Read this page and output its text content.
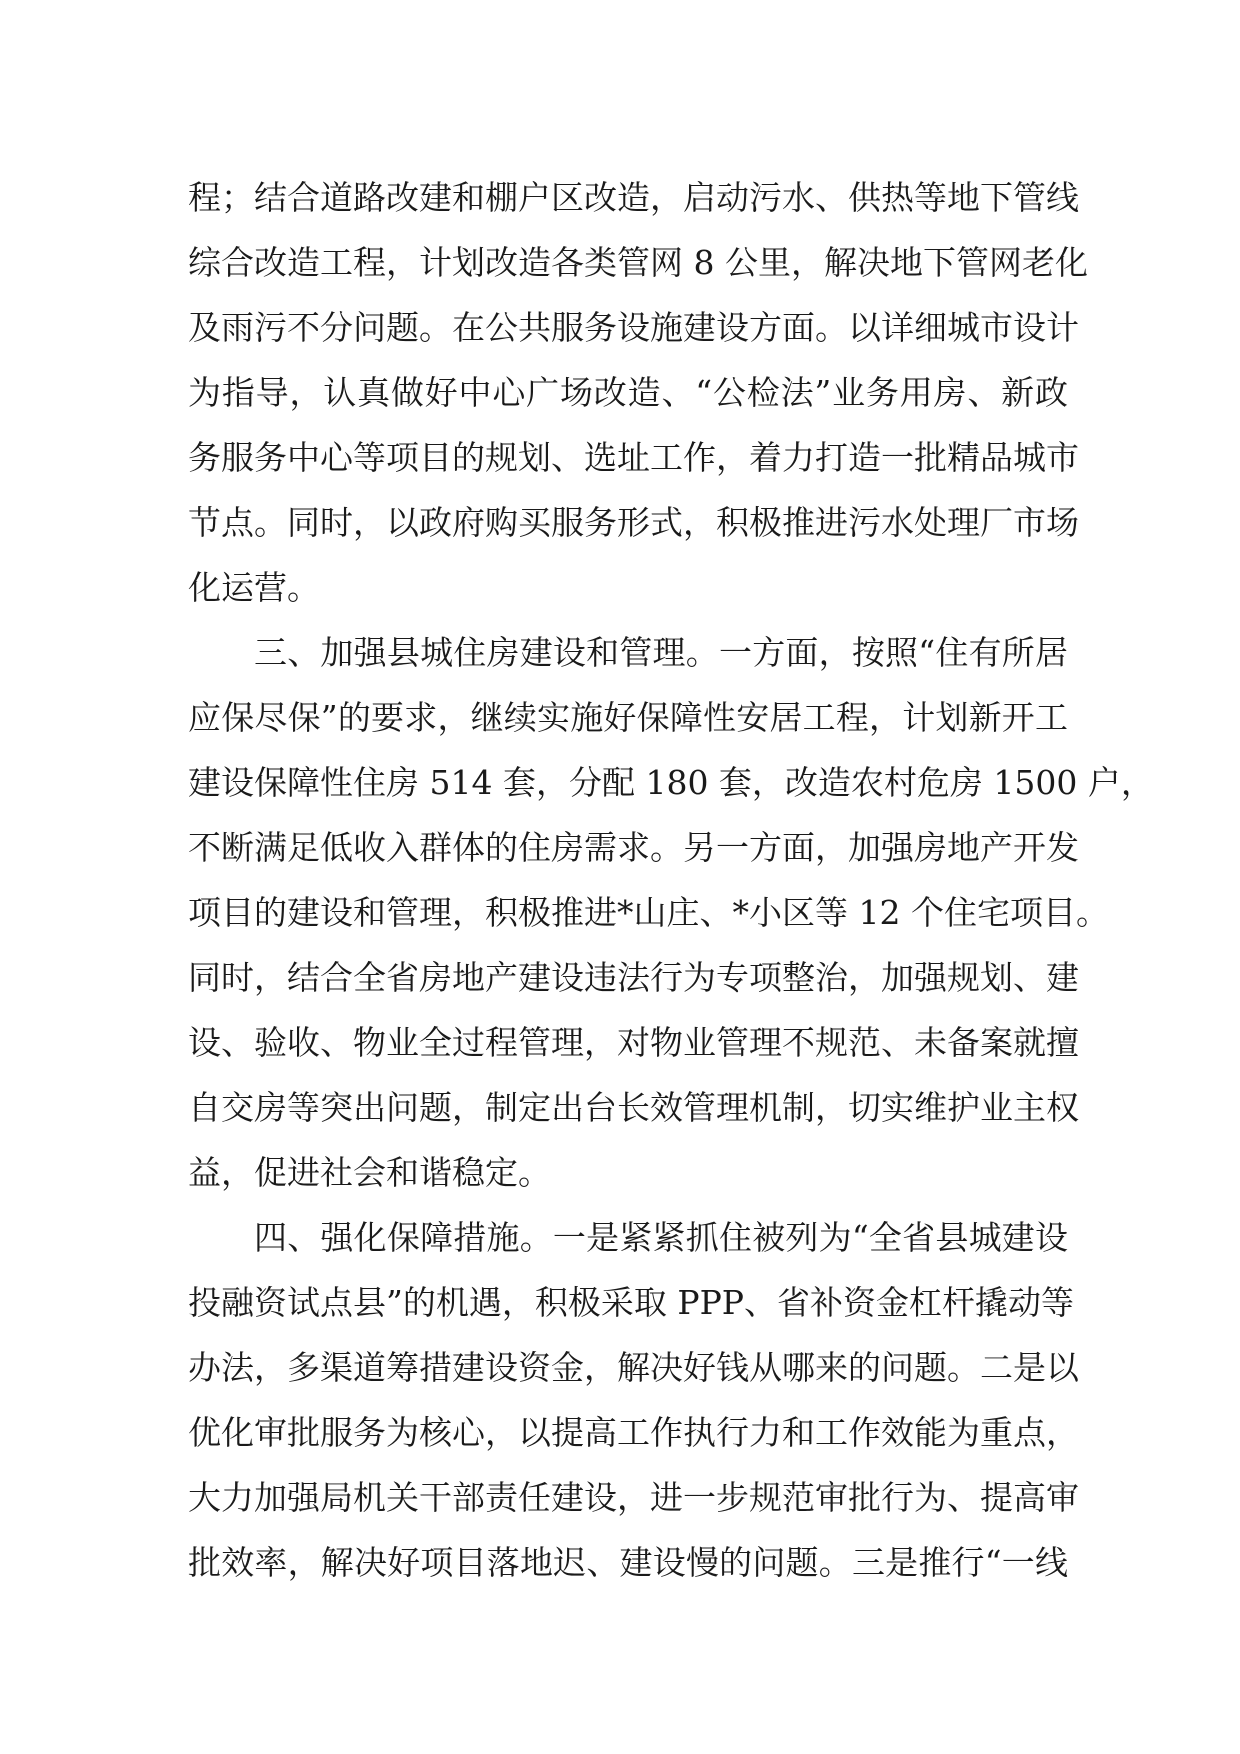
程；结合道路改建和棚户区改造，启动污水、供热等地下管线
综合改造工程，计划改造各类管网 8 公里，解决地下管网老化
及雨污不分问题。在公共服务设施建设方面。以详细城市设计
为指导，认真做好中心广场改造、“公检法”业务用房、新政
务服务中心等项目的规划、选址工作，着力打造一批精品城市
节点。同时，以政府购买服务形式，积极推进污水处理厂市场
化运营。
三、加强县城住房建设和管理。一方面，按照“住有所居
应保尽保”的要求，继续实施好保障性安居工程，计划新开工
建设保障性住房 514 套，分配 180 套，改造农村危房 1500 户，
不断满足低收入群体的住房需求。另一方面，加强房地产开发
项目的建设和管理，积极推进*山庄、*小区等 12 个住宅项目。
同时，结合全省房地产建设违法行为专项整治，加强规划、建
设、验收、物业全过程管理，对物业管理不规范、未备案就擅
自交房等突出问题，制定出台长效管理机制，切实维护业主权
益，促进社会和谐稳定。
四、强化保障措施。一是紧紧抓住被列为“全省县城建设
投融资试点县”的机遇，积极采取 PPP、省补资金杠杆撬动等
办法，多渠道筹措建设资金，解决好钱从哪来的问题。二是以
优化审批服务为核心，以提高工作执行力和工作效能为重点，
大力加强局机关干部责任建设，进一步规范审批行为、提高审
批效率，解决好项目落地迟、建设慢的问题。三是推行“一线
